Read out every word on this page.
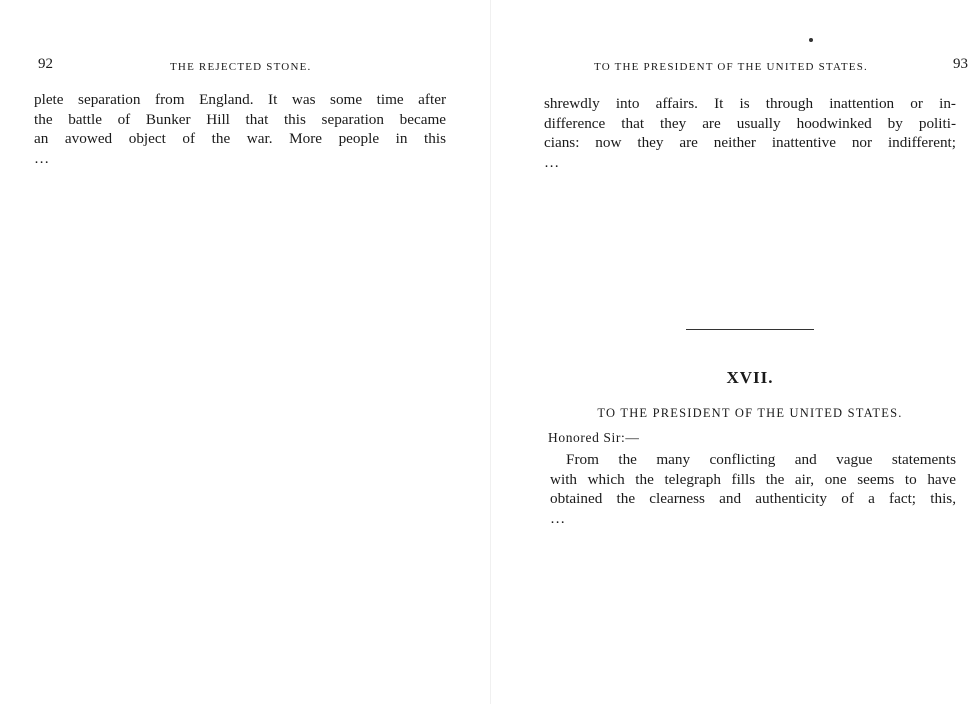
92	THE REJECTED STONE.
plete separation from England. It was some time after
the battle of Bunker Hill that this separation became
an avowed object of the war. More people in this
…
TO THE PRESIDENT OF THE UNITED STATES.	93
shrewdly into affairs. It is through inattention or in-
difference that they are usually hoodwinked by politi-
cians: now they are neither inattentive nor indifferent;
…
XVII.
TO THE PRESIDENT OF THE UNITED STATES.
Honored Sir:—
From the many conflicting and vague statements
with which the telegraph fills the air, one seems to have
obtained the clearness and authenticity of a fact; this,
…
